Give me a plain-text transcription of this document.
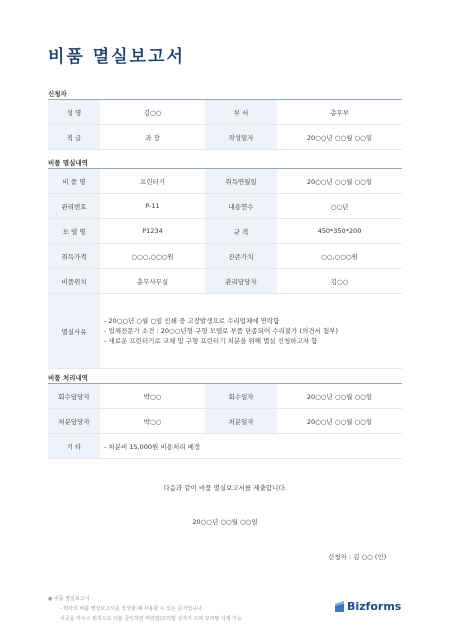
비품 멸실보고서
신청자
성 명	김○○	부 서	총무부
직 급	과 장	작성일자	20○○년 ○○월 ○○일
비품 멸실내역
비 품 명	프린터기	취득연월일	20○○년 ○○월 ○○일
관리번호	P-11	내용연수	○○년
모 델 명	P1234	규 격	450*350*200
취득가격	○○○,○○○원	잔존가치	○○,○○○원
비품위치	총무사무실	관리담당자	김○○
멸실사유	- 20○○년 ○월 ○일 인쇄 중 고장발생으로 수리업체에 연락함
- 업체전문가 소견 : 20○○년형 구형 모델로 부품 단종되어 수리불가 (의견서 첨부)
- 새로운 프린터기로 교체 및 구형 프린터기 처분을 위해 멸실 신청하고자 함		
비품 처리내역
회수담당자	박○○	회수일자	20○○년 ○○월 ○○일
처분담당자	박○○	처분일자	20○○년 ○○월 ○○일
기 타	- 처분비 15,000원 비용처리 예정		
다음과 같이 비품 멸실보고서를 제출합니다.
20○○년 ○○월 ○○일
신청자 : 김 ○○ (인)
● 비품 멸실보고서
- 회사의 비품 멸실보고서를 작성할 때 사용할 수 있는 문서입니다.
이곳을 마우스 왼쪽으로 더블 클릭하면 머리말/꼬리말 상자가 뜨며 꼬리말 삭제 가능
Bizforms
